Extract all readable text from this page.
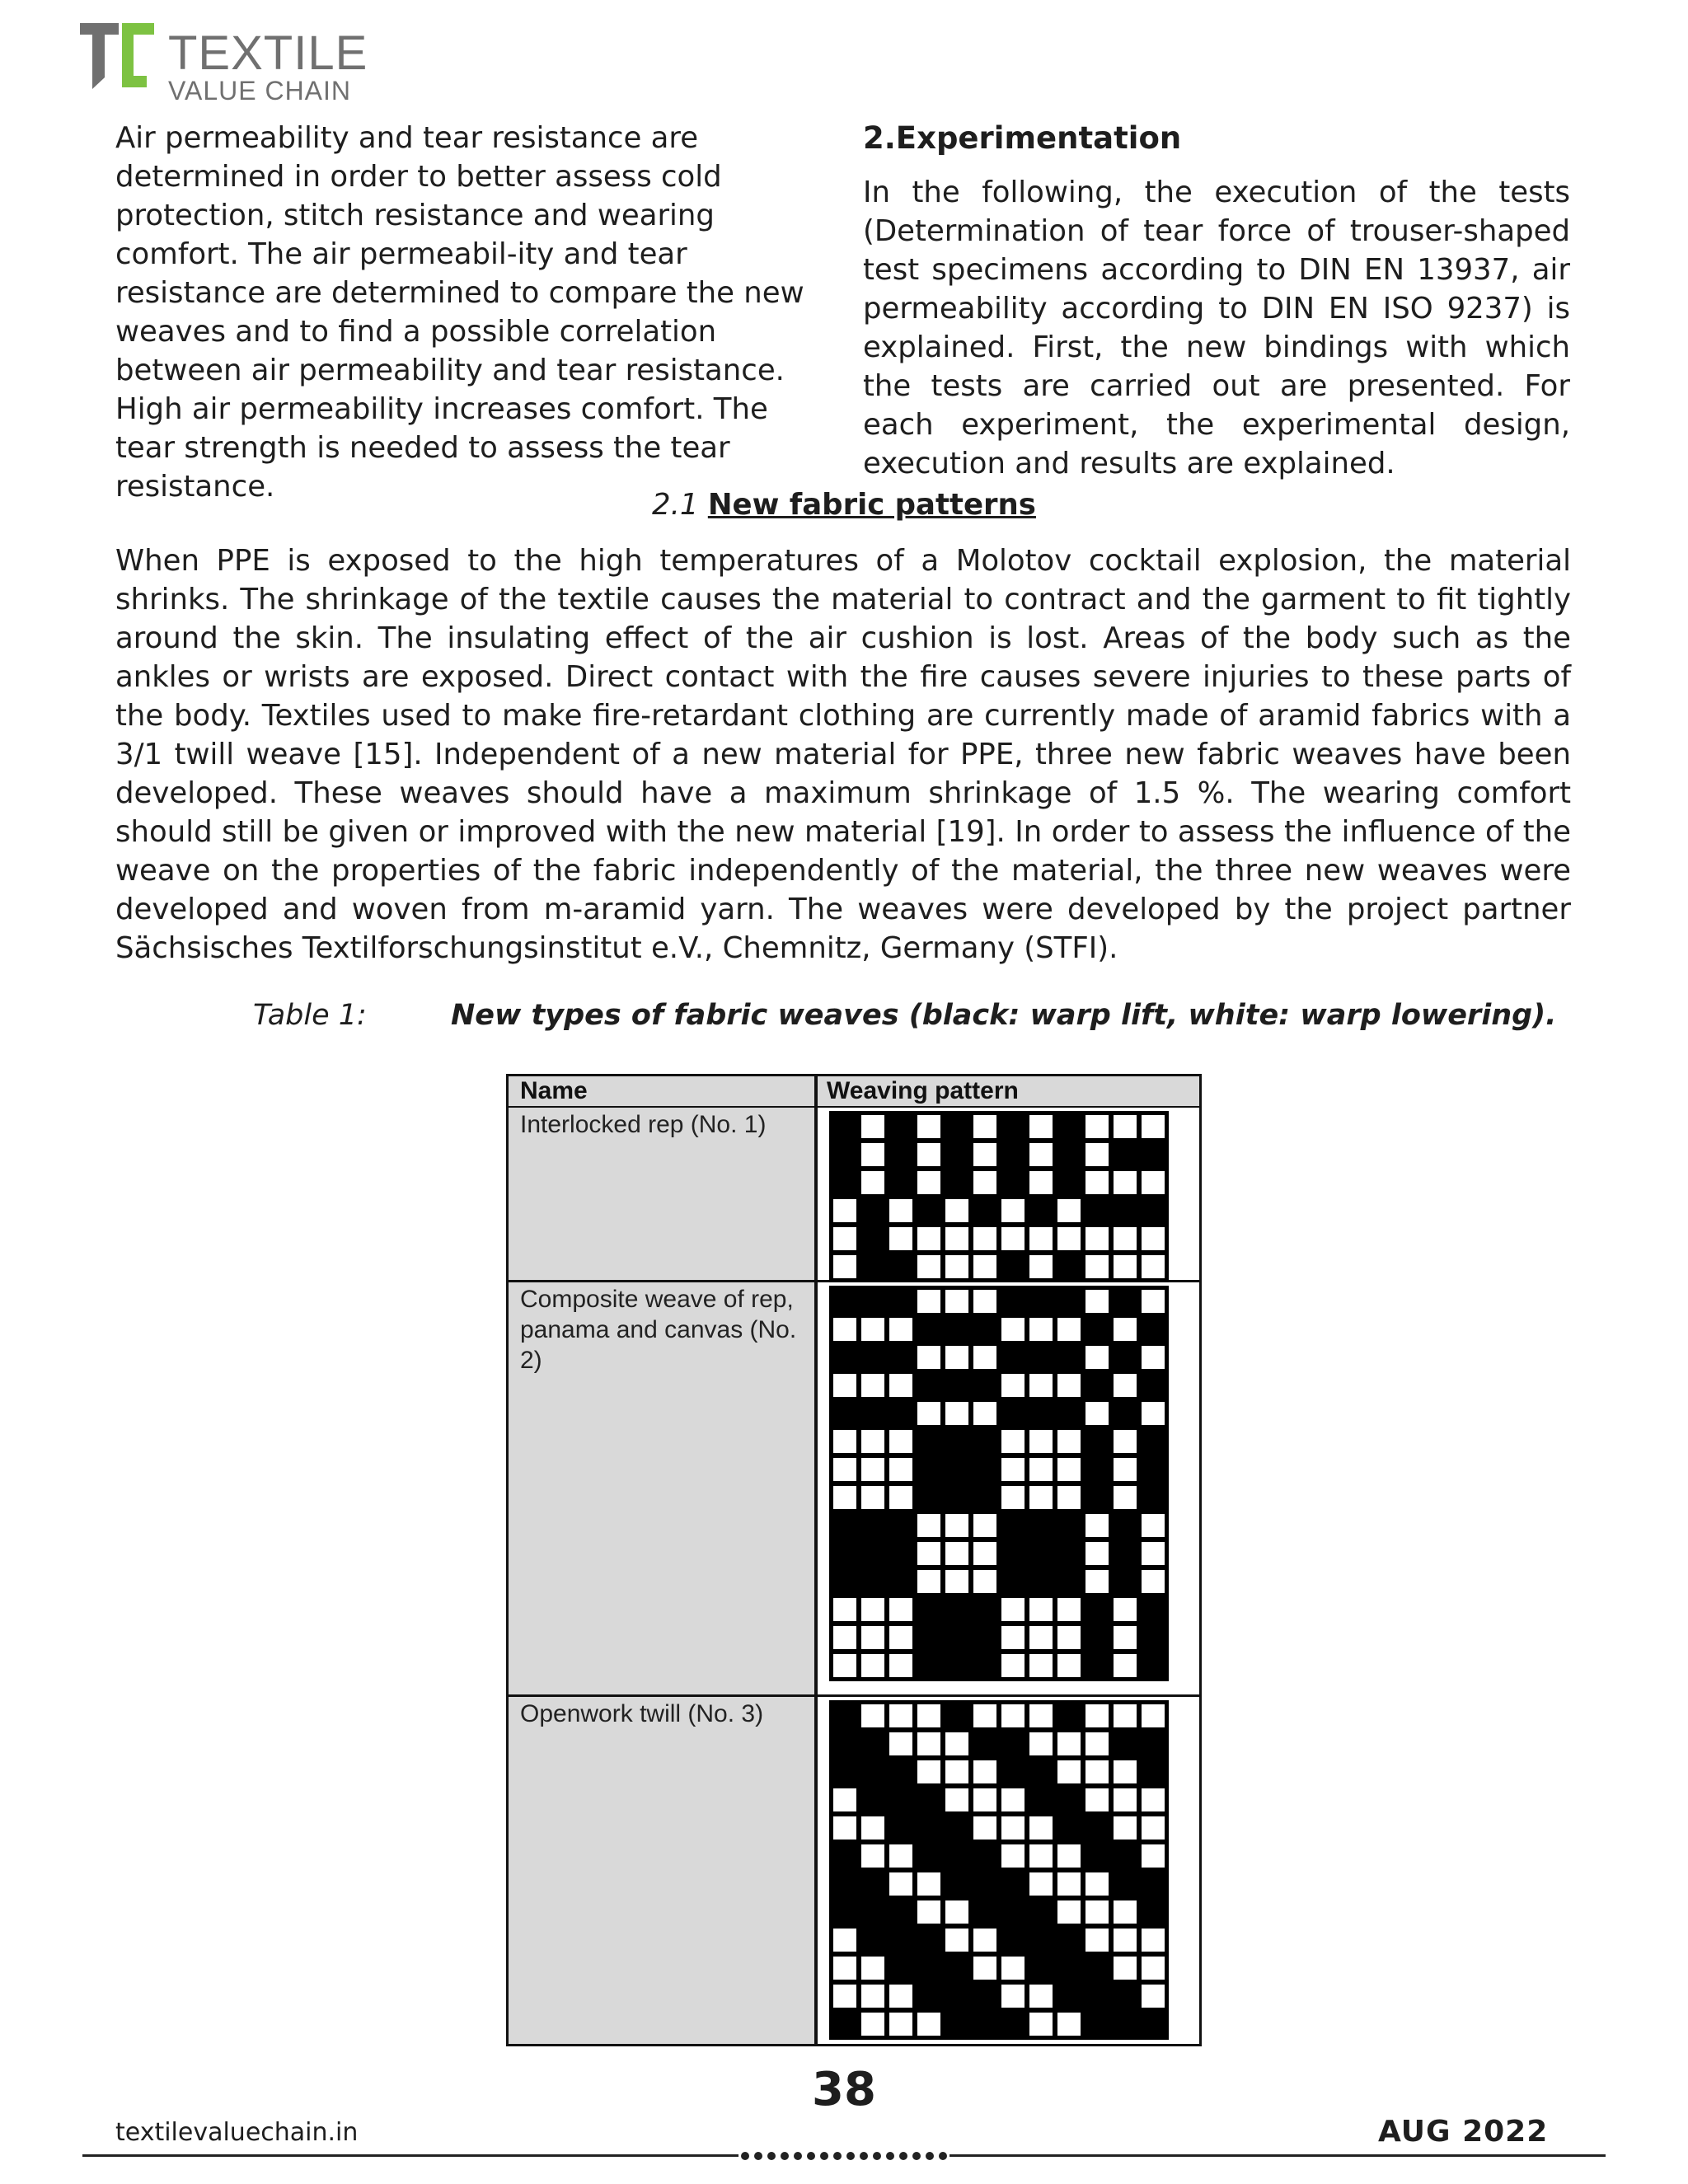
TEXTILE
VALUE CHAIN
Air permeability and tear resistance are determined in order to better assess cold protection, stitch resistance and wearing comfort. The air permeabil-ity and tear resistance are determined to compare the new weaves and to find a possible correlation between air permeability and tear resistance. High air permeability increases comfort. The tear strength is needed to assess the tear resistance.
2.Experimentation
In the following, the execution of the tests (Determination of tear force of trouser-shaped test specimens according to DIN EN 13937, air permeability according to DIN EN ISO 9237) is explained. First, the new bindings with which the tests are carried out are presented. For each experiment, the experimental design, execution and results are explained.
2.1 New fabric patterns
When PPE is exposed to the high temperatures of a Molotov cocktail explosion, the material shrinks. The shrinkage of the textile causes the material to contract and the garment to fit tightly around the skin. The insulating effect of the air cushion is lost. Areas of the body such as the ankles or wrists are exposed. Direct contact with the fire causes severe injuries to these parts of the body. Textiles used to make fire-retardant clothing are currently made of aramid fabrics with a 3/1 twill weave [15]. Independent of a new material for PPE, three new fabric weaves have been developed. These weaves should have a maximum shrinkage of 1.5 %. The wearing comfort should still be given or improved with the new material [19]. In order to assess the influence of the weave on the properties of the fabric independently of the material, the three new weaves were developed and woven from m-aramid yarn. The weaves were developed by the project partner Sächsisches Textilforschungsinstitut e.V., Chemnitz, Germany (STFI).
Table 1:	New types of fabric weaves (black: warp lift, white: warp lowering).
Name	Weaving pattern
Interlocked rep (No. 1)
Composite weave of rep, panama and canvas (No. 2)
Openwork twill (No. 3)
38
textilevaluechain.in	AUG 2022
